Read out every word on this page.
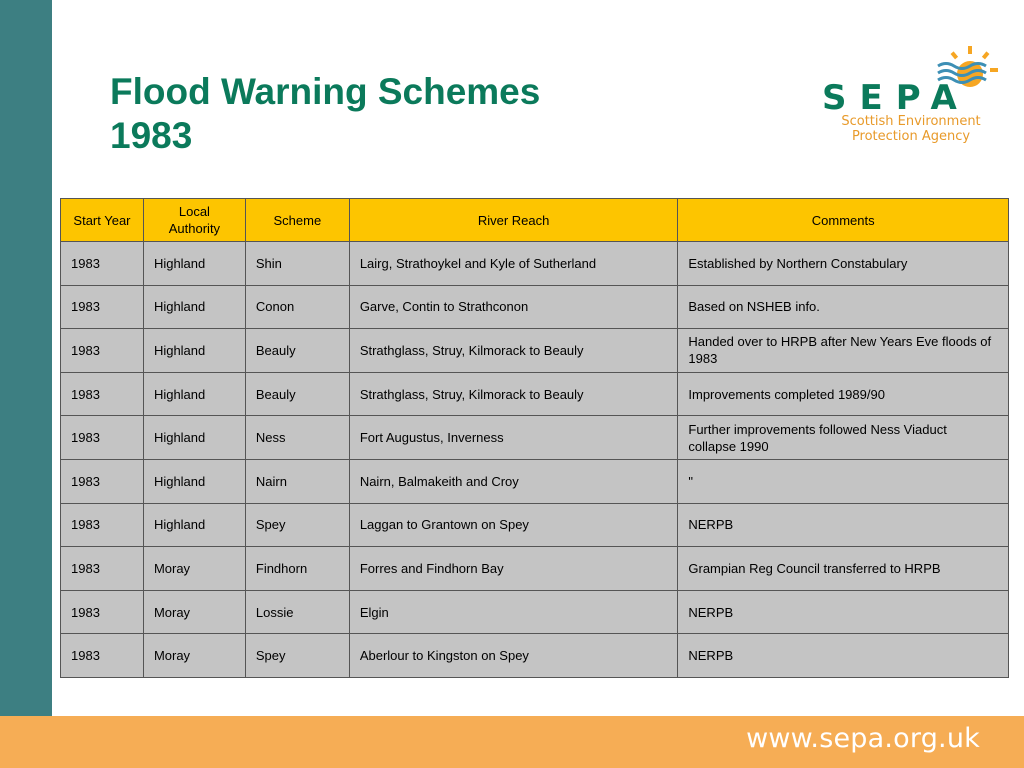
www.sepa.org.uk
Flood Warning Schemes
1983
SEPA
Scottish Environment
Protection Agency
Start Year	Local Authority	Scheme	River Reach	Comments
1983	Highland	Shin	Lairg, Strathoykel and Kyle of Sutherland	Established by Northern Constabulary
1983	Highland	Conon	Garve, Contin to Strathconon	Based on NSHEB info.
1983	Highland	Beauly	Strathglass, Struy, Kilmorack to Beauly	Handed over to HRPB after New Years Eve floods of 1983
1983	Highland	Beauly	Strathglass, Struy, Kilmorack to Beauly	Improvements completed 1989/90
1983	Highland	Ness	Fort Augustus, Inverness	Further improvements followed Ness Viaduct collapse 1990
1983	Highland	Nairn	Nairn, Balmakeith and Croy	"
1983	Highland	Spey	Laggan to Grantown on Spey	NERPB
1983	Moray	Findhorn	Forres and Findhorn Bay	Grampian Reg Council transferred to HRPB
1983	Moray	Lossie	Elgin	NERPB
1983	Moray	Spey	Aberlour to Kingston on Spey	NERPB
